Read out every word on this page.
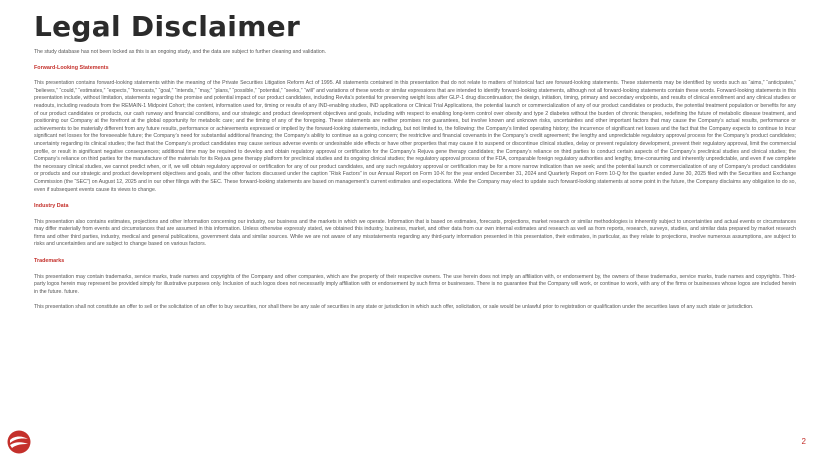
Legal Disclaimer

The study database has not been locked as this is an ongoing study, and the data are subject to further cleaning and validation.

Forward-Looking Statements

This presentation contains forward-looking statements within the meaning of the Private Securities Litigation Reform Act of 1995. All statements contained in this presentation that do not relate to matters of historical fact are forward-looking statements. These statements may be identified by words such as “aims,” “anticipates,” “believes,” “could,” “estimates,” “expects,” “forecasts,” “goal,” “intends,” “may,” “plans,” “possible,” “potential,” “seeks,” “will” and variations of these words or similar expressions that are intended to identify forward-looking statements, although not all forward-looking statements contain these words. Forward-looking statements in this presentation include, without limitation, statements regarding the promise and potential impact of our product candidates, including Revita’s potential for preserving weight loss after GLP-1 drug discontinuation; the design, initiation, timing, primary and secondary endpoints, and results of clinical enrollment and any clinical studies or readouts, including readouts from the REMAIN-1 Midpoint Cohort; the content, information used for, timing or results of any IND-enabling studies, IND applications or Clinical Trial Applications, the potential launch or commercialization of any of our product candidates or products, the potential treatment population or benefits for any of our product candidates or products, our cash runway and financial conditions, and our strategic and product development objectives and goals, including with respect to enabling long-term control over obesity and type 2 diabetes without the burden of chronic therapies, redefining the future of metabolic disease treatment, and positioning our Company at the forefront at the global opportunity for metabolic care; and the timing of any of the foregoing. These statements are neither promises nor guarantees, but involve known and unknown risks, uncertainties and other important factors that may cause the Company’s actual results, performance or achievements to be materially different from any future results, performance or achievements expressed or implied by the forward-looking statements, including, but not limited to, the following: the Company’s limited operating history; the incurrence of significant net losses and the fact that the Company expects to continue to incur significant net losses for the foreseeable future; the Company’s need for substantial additional financing; the Company’s ability to continue as a going concern; the restrictive and financial covenants in the Company’s credit agreement; the lengthy and unpredictable regulatory approval process for the Company’s product candidates; uncertainty regarding its clinical studies; the fact that the Company’s product candidates may cause serious adverse events or undesirable side effects or have other properties that may cause it to suspend or discontinue clinical studies, delay or prevent regulatory development, prevent their regulatory approval, limit the commercial profile, or result in significant negative consequences; additional time may be required to develop and obtain regulatory approval or certification for the Company’s Rejuva gene therapy candidates; the Company’s reliance on third parties to conduct certain aspects of the Company’s preclinical studies and clinical studies; the Company’s reliance on third parties for the manufacture of the materials for its Rejuva gene therapy platform for preclinical studies and its ongoing clinical studies; the regulatory approval process of the FDA, comparable foreign regulatory authorities and lengthy, time-consuming and inherently unpredictable, and even if we complete the necessary clinical studies, we cannot predict when, or if, we will obtain regulatory approval or certification for any of our product candidates, and any such regulatory approval or certification may be for a more narrow indication than we seek; and the potential launch or commercialization of any of Company’s product candidates or products and our strategic and product development objectives and goals, and the other factors discussed under the caption “Risk Factors” in our Annual Report on Form 10-K for the year ended December 31, 2024 and Quarterly Report on Form 10-Q for the quarter ended June 30, 2025 filed with the Securities and Exchange Commission (the “SEC”) on August 12, 2025 and in our other filings with the SEC. These forward-looking statements are based on management’s current estimates and expectations. While the Company may elect to update such forward-looking statements at some point in the future, the Company disclaims any obligation to do so, even if subsequent events cause its views to change.

Industry Data

This presentation also contains estimates, projections and other information concerning our industry, our business and the markets in which we operate. Information that is based on estimates, forecasts, projections, market research or similar methodologies is inherently subject to uncertainties and actual events or circumstances may differ materially from events and circumstances that are assumed in this information. Unless otherwise expressly stated, we obtained this industry, business, market, and other data from our own internal estimates and research as well as from reports, research, surveys, studies, and similar data prepared by market research firms and other third parties, industry, medical and general publications, government data and similar sources. While we are not aware of any misstatements regarding any third-party information presented in this presentation, their estimates, in particular, as they relate to projections, involve numerous assumptions, are subject to risks and uncertainties and are subject to change based on various factors.

Trademarks

This presentation may contain trademarks, service marks, trade names and copyrights of the Company and other companies, which are the property of their respective owners. The use herein does not imply an affiliation with, or endorsement by, the owners of these trademarks, service marks, trade names and copyrights. Third-party logos herein may represent be provided simply for illustrative purposes only. Inclusion of such logos does not necessarily imply affiliation with or endorsement by such firms or businesses. There is no guarantee that the Company will work, or continue to work, with any of the firms or businesses whose logos are included herein in the future. future.

This presentation shall not constitute an offer to sell or the solicitation of an offer to buy securities, nor shall there be any sale of securities in any state or jurisdiction in which such offer, solicitation, or sale would be unlawful prior to registration or qualification under the securities laws of any such state or jurisdiction.

2
